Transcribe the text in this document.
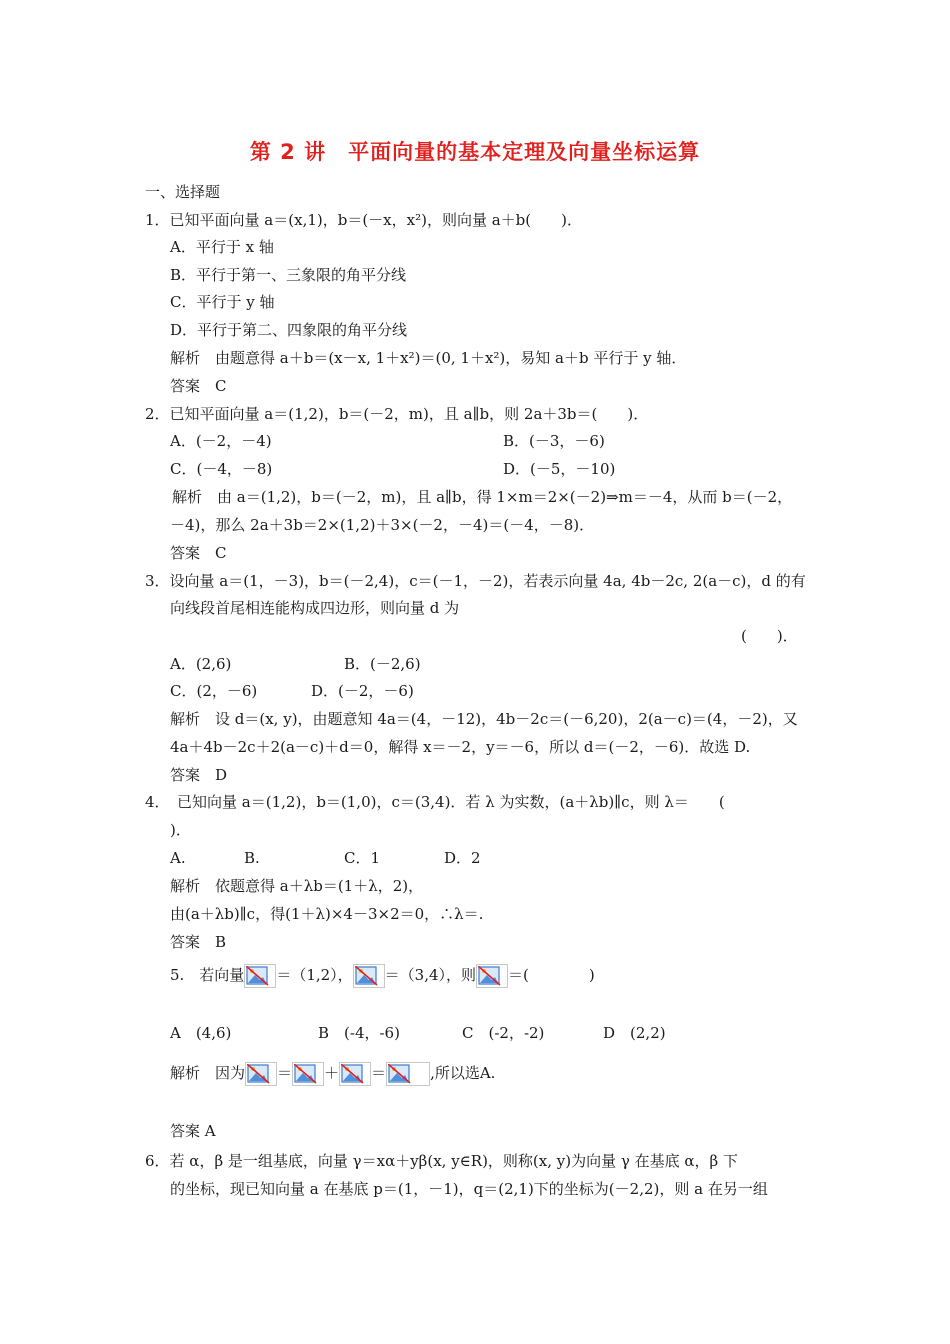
第 2 讲　平面向量的基本定理及向量坐标运算
一、选择题
1．已知平面向量 a＝(x,1)，b＝(－x，x²)，则向量 a＋b(　　)．
A．平行于 x 轴
B．平行于第一、三象限的角平分线
C．平行于 y 轴
D．平行于第二、四象限的角平分线
解析　由题意得 a＋b＝(x－x, 1＋x²)＝(0, 1＋x²)，易知 a＋b 平行于 y 轴．
答案　C
2．已知平面向量 a＝(1,2)，b＝(－2，m)，且 a∥b，则 2a＋3b＝(　　)．
A．(－2，－4)	B．(－3，－6)
C．(－4，－8)	D．(－5，－10)
解析　由 a＝(1,2)，b＝(－2，m)，且 a∥b，得 1×m＝2×(－2)⇒m＝－4，从而 b＝(－2，
－4)，那么 2a＋3b＝2×(1,2)＋3×(－2，－4)＝(－4，－8)．
答案　C
3．设向量 a＝(1，－3)，b＝(－2,4)，c＝(－1，－2)，若表示向量 4a, 4b－2c, 2(a－c)，d 的有
向线段首尾相连能构成四边形，则向量 d 为
(　　)．
A．(2,6)	B．(－2,6)
C．(2，－6)	D．(－2，－6)
解析　设 d＝(x, y)，由题意知 4a＝(4，－12)，4b－2c＝(－6,20)，2(a－c)＝(4，－2)，又
4a＋4b－2c＋2(a－c)＋d＝0，解得 x＝－2，y＝－6，所以 d＝(－2，－6)．故选 D.
答案　D
4．　已知向量 a＝(1,2)，b＝(1,0)，c＝(3,4)．若 λ 为实数，(a＋λb)∥c，则 λ＝　　(
)．
A.	B.	C．1	D．2
解析　依题意得 a＋λb＝(1＋λ，2)，
由(a＋λb)∥c，得(1＋λ)×4－3×2＝0，∴λ＝.
答案　B
5.　若向量 ＝（1,2）， ＝（3,4），则 ＝(　　　　)
A　(4,6)	B　(-4，-6)	C　(-2，-2)	D　(2,2)
解析　因为 ＝ ＋ ＝	,所以选A.
答案 A
6．若 α，β 是一组基底，向量 γ＝xα＋yβ(x, y∈R)，则称(x, y)为向量 γ 在基底 α，β 下
的坐标，现已知向量 a 在基底 p＝(1，－1)，q＝(2,1)下的坐标为(－2,2)，则 a 在另一组
